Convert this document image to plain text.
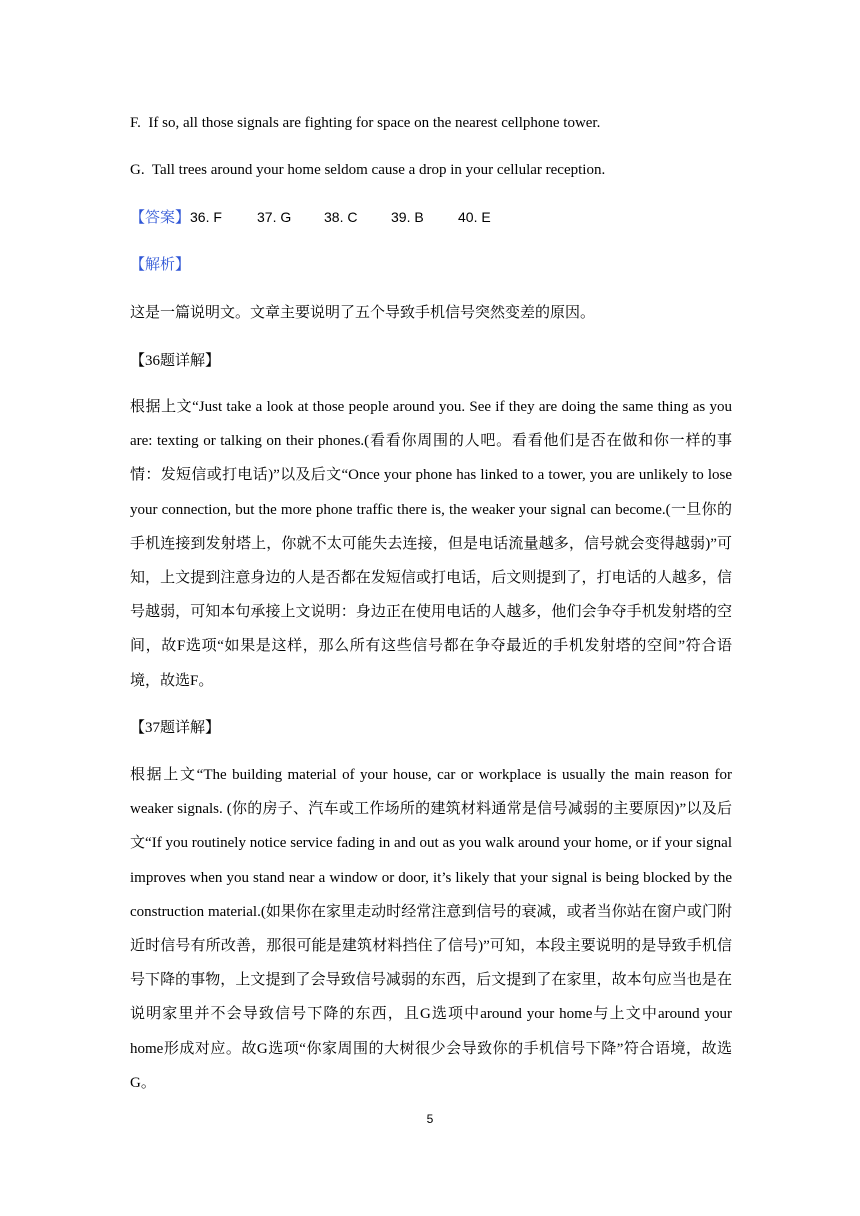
F. If so, all those signals are fighting for space on the nearest cellphone tower.
G. Tall trees around your home seldom cause a drop in your cellular reception.
【答案】36. F	37. G 38. C 39. B 40. E
【解析】
这是一篇说明文。文章主要说明了五个导致手机信号突然变差的原因。
【36题详解】
根据上文“Just take a look at those people around you. See if they are doing the same thing as you are: texting or talking on their phones.(看看你周围的人吧。看看他们是否在做和你一样的事情：发短信或打电话)”以及后文“Once your phone has linked to a tower, you are unlikely to lose your connection, but the more phone traffic there is, the weaker your signal can become.(一旦你的手机连接到发射塔上，你就不太可能失去连接，但是电话流量越多，信号就会变得越弱)”可知，上文提到注意身边的人是否都在发短信或打电话，后文则提到了，打电话的人越多，信号越弱，可知本句承接上文说明：身边正在使用电话的人越多，他们会争夺手机发射塔的空间，故F选项“如果是这样，那么所有这些信号都在争夺最近的手机发射塔的空间”符合语境，故选F。
【37题详解】
根据上文“The building material of your house, car or workplace is usually the main reason for weaker signals. (你的房子、汽车或工作场所的建筑材料通常是信号减弱的主要原因)”以及后文“If you routinely notice service fading in and out as you walk around your home, or if your signal improves when you stand near a window or door, it’s likely that your signal is being blocked by the construction material.(如果你在家里走动时经常注意到信号的衰减，或者当你站在窗户或门附近时信号有所改善，那很可能是建筑材料挡住了信号)”可知，本段主要说明的是导致手机信号下降的事物，上文提到了会导致信号减弱的东西，后文提到了在家里，故本句应当也是在说明家里并不会导致信号下降的东西，且G选项中around your home与上文中around your home形成对应。故G选项“你家周围的大树很少会导致你的手机信号下降”符合语境，故选G。
5
